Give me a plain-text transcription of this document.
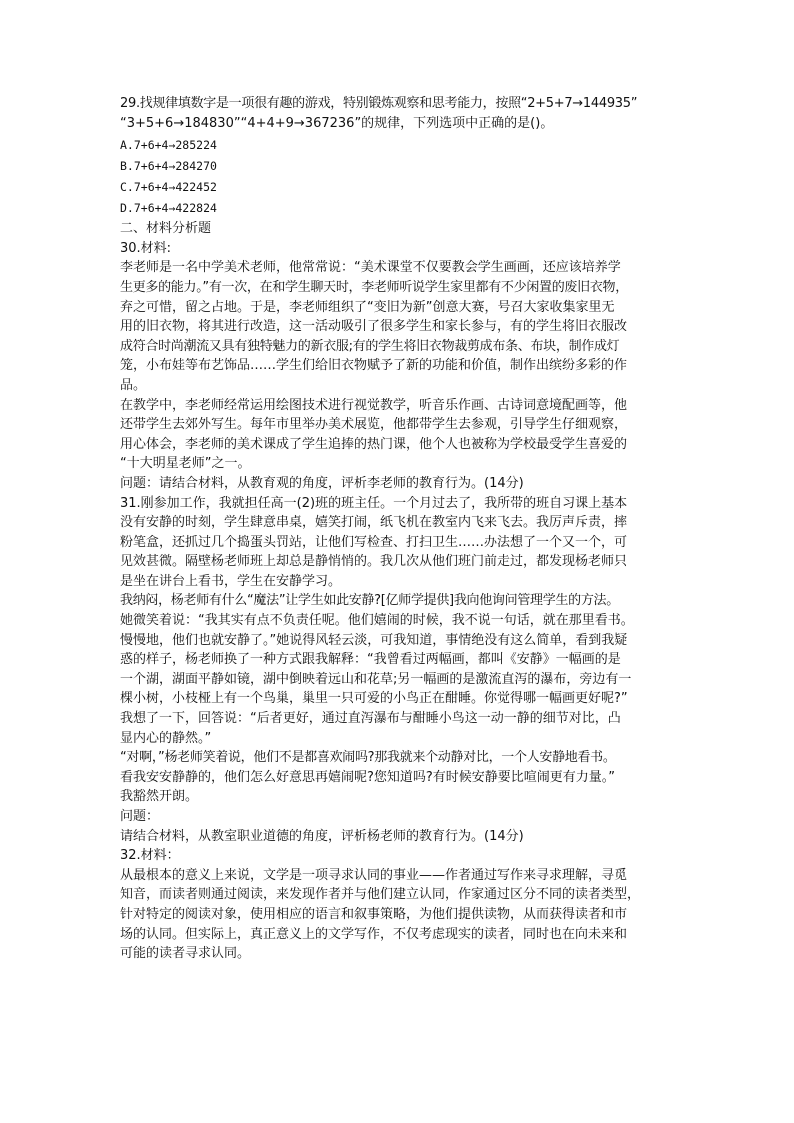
29.找规律填数字是一项很有趣的游戏，特别锻炼观察和思考能力，按照“2+5+7→144935”
“3+5+6→184830”“4+4+9→367236”的规律，下列选项中正确的是()。
A.7+6+4→285224
B.7+6+4→284270
C.7+6+4→422452
D.7+6+4→422824
二、材料分析题
30.材料:
李老师是一名中学美术老师，他常常说：“美术课堂不仅要教会学生画画，还应该培养学
生更多的能力。”有一次，在和学生聊天时，李老师听说学生家里都有不少闲置的废旧衣物，
弃之可惜，留之占地。于是，李老师组织了“变旧为新”创意大赛，号召大家收集家里无
用的旧衣物，将其进行改造，这一活动吸引了很多学生和家长参与，有的学生将旧衣服改
成符合时尚潮流又具有独特魅力的新衣服;有的学生将旧衣物裁剪成布条、布块，制作成灯
笼，小布娃等布艺饰品……学生们给旧衣物赋予了新的功能和价值，制作出缤纷多彩的作
品。
在教学中，李老师经常运用绘图技术进行视觉教学，听音乐作画、古诗词意境配画等，他
还带学生去郊外写生。每年市里举办美术展览，他都带学生去参观，引导学生仔细观察，
用心体会，李老师的美术课成了学生追捧的热门课，他个人也被称为学校最受学生喜爱的
“十大明星老师”之一。
问题：请结合材料，从教育观的角度，评析李老师的教育行为。(14分)
31.刚参加工作，我就担任高一(2)班的班主任。一个月过去了，我所带的班自习课上基本
没有安静的时刻，学生肆意串桌，嬉笑打闹，纸飞机在教室内飞来飞去。我厉声斥责，摔
粉笔盒，还抓过几个捣蛋头罚站，让他们写检查、打扫卫生……办法想了一个又一个，可
见效甚微。隔壁杨老师班上却总是静悄悄的。我几次从他们班门前走过，都发现杨老师只
是坐在讲台上看书，学生在安静学习。
我纳闷，杨老师有什么“魔法”让学生如此安静?[亿师学提供]我向他询问管理学生的方法。
她微笑着说：“我其实有点不负责任呢。他们嬉闹的时候，我不说一句话，就在那里看书。
慢慢地，他们也就安静了。”她说得风轻云淡，可我知道，事情绝没有这么简单，看到我疑
惑的样子，杨老师换了一种方式跟我解释：“我曾看过两幅画，都叫《安静》一幅画的是
一个湖，湖面平静如镜，湖中倒映着远山和花草;另一幅画的是激流直泻的瀑布，旁边有一
棵小树，小枝桠上有一个鸟巢，巢里一只可爱的小鸟正在酣睡。你觉得哪一幅画更好呢?”
我想了一下，回答说：“后者更好，通过直泻瀑布与酣睡小鸟这一动一静的细节对比，凸
显内心的静然。”
“对啊，”杨老师笑着说，他们不是都喜欢闹吗?那我就来个动静对比，一个人安静地看书。
看我安安静静的，他们怎么好意思再嬉闹呢?您知道吗?有时候安静要比喧闹更有力量。”
我豁然开朗。
问题：
请结合材料，从教室职业道德的角度，评析杨老师的教育行为。(14分)
32.材料：
从最根本的意义上来说，文学是一项寻求认同的事业——作者通过写作来寻求理解，寻觅
知音，而读者则通过阅读，来发现作者并与他们建立认同，作家通过区分不同的读者类型，
针对特定的阅读对象，使用相应的语言和叙事策略，为他们提供读物，从而获得读者和市
场的认同。但实际上，真正意义上的文学写作，不仅考虑现实的读者，同时也在向未来和
可能的读者寻求认同。
